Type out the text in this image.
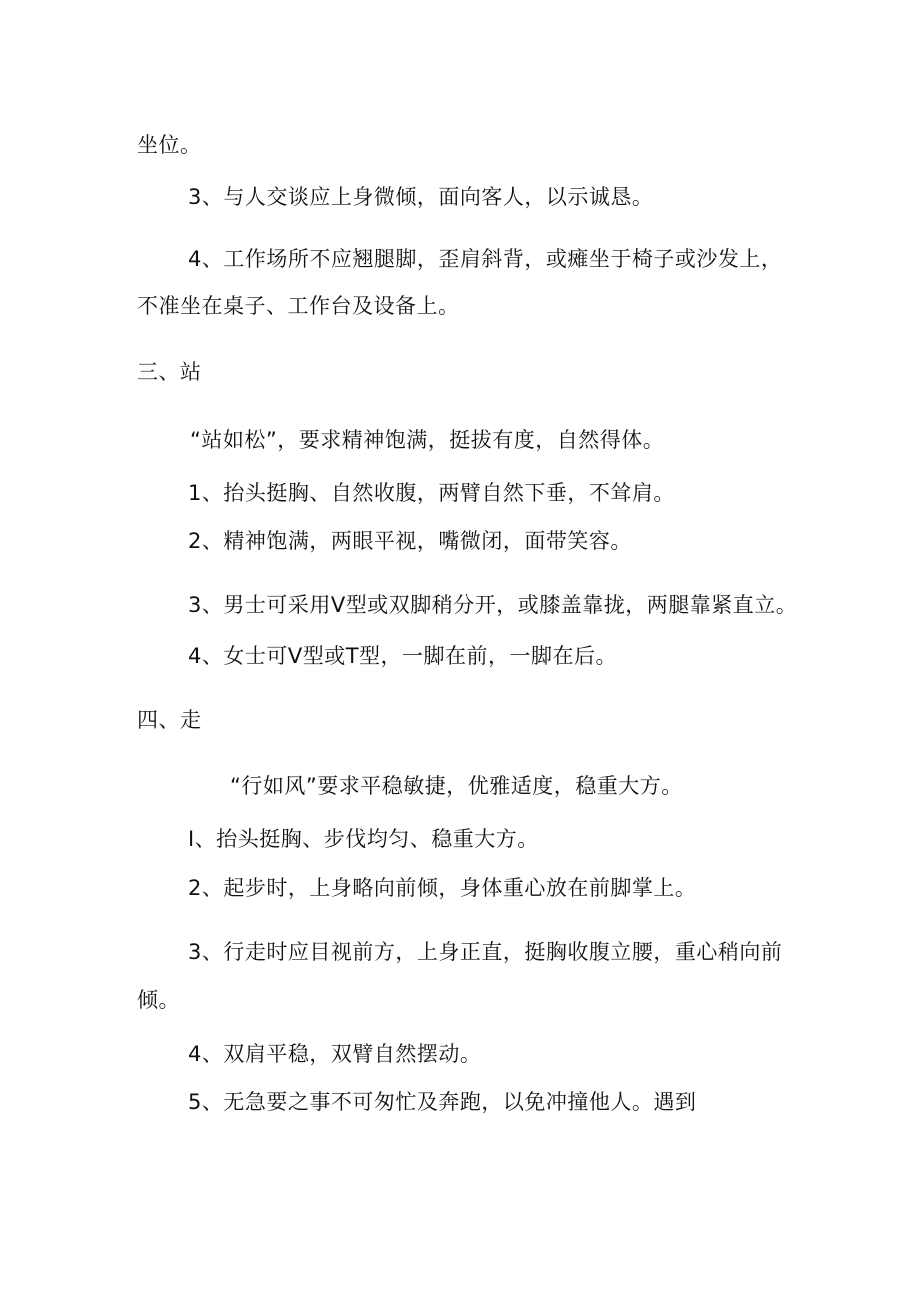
坐位。
3、与人交谈应上身微倾，面向客人，以示诚恳。
4、工作场所不应翘腿脚，歪肩斜背，或瘫坐于椅子或沙发上，
不准坐在桌子、工作台及设备上。
三、站
“站如松”，要求精神饱满，挺拔有度，自然得体。
1、抬头挺胸、自然收腹，两臂自然下垂，不耸肩。
2、精神饱满，两眼平视，嘴微闭，面带笑容。
3、男士可采用V型或双脚稍分开，或膝盖靠拢，两腿靠紧直立。
4、女士可V型或T型，一脚在前，一脚在后。
四、走
“行如风”要求平稳敏捷，优雅适度，稳重大方。
I、抬头挺胸、步伐均匀、稳重大方。
2、起步时，上身略向前倾，身体重心放在前脚掌上。
3、行走时应目视前方，上身正直，挺胸收腹立腰，重心稍向前
倾。
4、双肩平稳，双臂自然摆动。
5、无急要之事不可匆忙及奔跑，以免冲撞他人。遇到
